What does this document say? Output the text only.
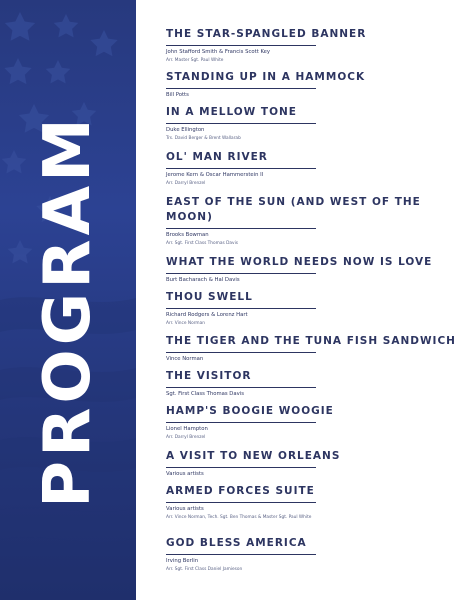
PROGRAM
THE STAR-SPANGLED BANNER
John Stafford Smith & Francis Scott Key
Arr. Master Sgt. Paul White
STANDING UP IN A HAMMOCK
Bill Potts
IN A MELLOW TONE
Duke Ellington
Trs. David Berger & Brent Wallarab
OL' MAN RIVER
Jerome Kern & Oscar Hammerstein II
Arr. Darryl Brenzel
EAST OF THE SUN (AND WEST OF THE MOON)
Brooks Bowman
Arr. Sgt. First Class Thomas Davis
WHAT THE WORLD NEEDS NOW IS LOVE
Burt Bacharach & Hal Davis
THOU SWELL
Richard Rodgers & Lorenz Hart
Arr. Vince Norman
THE TIGER AND THE TUNA FISH SANDWICH
Vince Norman
THE VISITOR
Sgt. First Class Thomas Davis
HAMP'S BOOGIE WOOGIE
Lionel Hampton
Arr. Darryl Brenzel
A VISIT TO NEW ORLEANS
Various artists
ARMED FORCES SUITE
Various artists
Arr. Vince Norman, Tech. Sgt. Ben Thomas & Master Sgt. Paul White
GOD BLESS AMERICA
Irving Berlin
Arr. Sgt. First Class Daniel Jamieson
